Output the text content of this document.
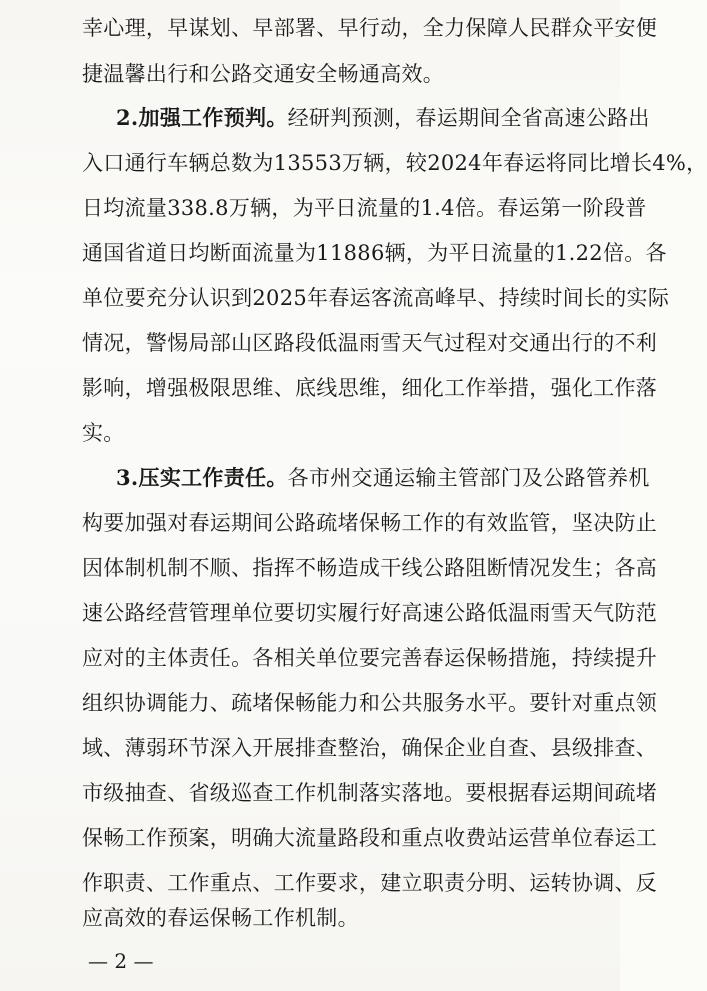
幸心理，早谋划、早部署、早行动，全力保障人民群众平安便
捷温馨出行和公路交通安全畅通高效。
2.加强工作预判。经研判预测，春运期间全省高速公路出
入口通行车辆总数为13553万辆，较2024年春运将同比增长4%，
日均流量338.8万辆，为平日流量的1.4倍。春运第一阶段普
通国省道日均断面流量为11886辆，为平日流量的1.22倍。各
单位要充分认识到2025年春运客流高峰早、持续时间长的实际
情况，警惕局部山区路段低温雨雪天气过程对交通出行的不利
影响，增强极限思维、底线思维，细化工作举措，强化工作落
实。
3.压实工作责任。各市州交通运输主管部门及公路管养机
构要加强对春运期间公路疏堵保畅工作的有效监管，坚决防止
因体制机制不顺、指挥不畅造成干线公路阻断情况发生；各高
速公路经营管理单位要切实履行好高速公路低温雨雪天气防范
应对的主体责任。各相关单位要完善春运保畅措施，持续提升
组织协调能力、疏堵保畅能力和公共服务水平。要针对重点领
域、薄弱环节深入开展排查整治，确保企业自查、县级排查、
市级抽查、省级巡查工作机制落实落地。要根据春运期间疏堵
保畅工作预案，明确大流量路段和重点收费站运营单位春运工
作职责、工作重点、工作要求，建立职责分明、运转协调、反
应高效的春运保畅工作机制。
— 2 —
